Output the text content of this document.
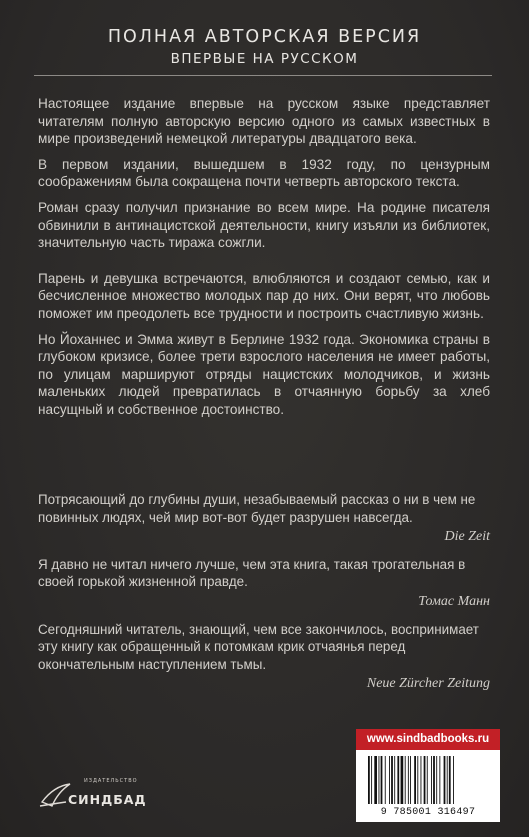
ПОЛНАЯ АВТОРСКАЯ ВЕРСИЯ
ВПЕРВЫЕ НА РУССКОМ

Настоящее издание впервые на русском языке представляет читателям полную авторскую версию одного из самых известных в мире произведений немецкой литературы двадцатого века.

В первом издании, вышедшем в 1932 году, по цензурным соображениям была сокращена почти четверть авторского текста.

Роман сразу получил признание во всем мире. На родине писателя обвинили в антинацистской деятельности, книгу изъяли из библиотек, значительную часть тиража сожгли.

Парень и девушка встречаются, влюбляются и создают семью, как и бесчисленное множество молодых пар до них. Они верят, что любовь поможет им преодолеть все трудности и построить счастливую жизнь.

Но Йоханнес и Эмма живут в Берлине 1932 года. Экономика страны в глубоком кризисе, более трети взрослого населения не имеет работы, по улицам маршируют отряды нацистских молодчиков, и жизнь маленьких людей превратилась в отчаянную борьбу за хлеб насущный и собственное достоинство.

Потрясающий до глубины души, незабываемый рассказ о ни в чем не повинных людях, чей мир вот-вот будет разрушен навсегда.

Die Zeit

Я давно не читал ничего лучше, чем эта книга, такая трогательная в своей горькой жизненной правде.

Томас Манн

Сегодняшний читатель, знающий, чем все закончилось, воспринимает эту книгу как обращенный к потомкам крик отчаянья перед окончательным наступлением тьмы.

Neue Zürcher Zeitung

ИЗДАТЕЛЬСТВО
СИНДБАД
www.sindbadbooks.ru
9 785001 316497
